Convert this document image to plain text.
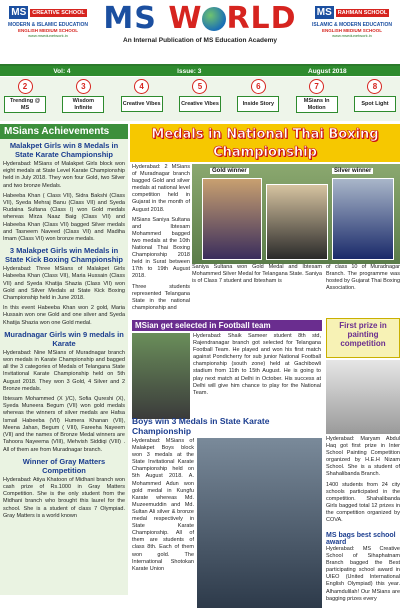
MS	CREATIVE SCHOOL
MODERN & ISLAMIC EDUCATION
ENGLISH MEDIUM SCHOOL
www.msedunetwork.in	MS W RLD
An Internal Publication of MS Education Academy
MS	RAHMAN SCHOOL
ISLAMIC & MODERN EDUCATION
ENGLISH MEDIUM SCHOOL
www.msedunetwork.in
Vol: 4	Issue: 3	August 2018
2
Trending @ MS
3
Wisdom Infinite
4
Creative Vibes
5
Creative Vibes
6
Inside Story
7
MSians In Motion
8
Spot Light
MSians Achievements
Malakpet Girls win 8 Medals in State Karate Championship

Hyderabad: MSians of Malakpet Girls block won eight medals at State Level Karate Championship held in July 2018. They won four Gold, two Silver and two bronze Medals.

Habeeba Khan ( Class VII), Sidra Bakshi (Class VII), Syeda Mehraj Banu (Class VII) and Syeda Rudaina Sultana (Class I) won Gold medals whereas Mirza Naaz Baig (Class VII) and Habeeba Khan (Class VII) bagged Silver medals and Tasneem Naveed (Class VII) and Madiha Imam (Class VII) won bronze medals.

3 Malakpet Girls win Medals in State Kick Boxing Championship

Hyderabad: Three MSians of Malakpet Girls Habeeba Khan (Class VII), Maria Hussain (Class VII) and Syeda Khatija Shazia (Class VII) won Gold and Silver Medals at State Kick Boxing Championship held in June 2018.

In this event Habeeba Khan won 2 gold, Maria Hussain won one Gold and one silver and Syeda Khatija Shazia won one Gold medal.

Muradnagar Girls win 9 medals in Karate

Hyderabad: Nine MSians of Muradnagar branch won medals in Karate Championship and bagged all the 3 categories of Medals of Telangana State Invitational Karate Championship held on 5th August 2018. They won 3 Gold, 4 Silver and 2 Bronze medals.

Ibtesam Mohammed (X )/C), Sofia Qureshi (X), Syeda Muneera Begum (VII) won gold medals whereas the winners of silver medals are Hafsa Ismail Habeeba (VII) Humera Khanan (VII), Meena Jahan, Begum ( VIII), Fareeha Nayeem (VII) and the names of Bronze Medal winners are Tahoora Nayeema (VIII), Mehvish Siddiqi (VIII) . All of them are from Muradnagar branch.

Winner of Gray Matters Competition

Hyderabad: Atiya Khatoon of Midhani branch won cash prize of Rs.1000 in Gray Matters Competition. She is the only student from the Midhani branch who brought this laurel for the school. She is a student of class 7 Olympiad. Gray Matters is a world known

Medals in National Thai Boxing Championship

Hyderabad: 2 MSians of Muradnagar branch bagged Gold and silver medals at national level competition held in Gujarat in the month of August 2018.

MSians Saniya Sultana and Ibtesam Mohammed bagged two medals at the 10th National Thai Boxing Championship 2018 held in Surat between 17th to 19th August 2018.

Three students represented Telangana State in the national championship and

Gold winner	Silver winner

Saniya Sultana won Gold Medal and Ibtesam Mohammed Silver Medal for Telangana State. Saniya is of Class 7 student and Ibtesham is

of class 10 of Muradnagar Branch. The programme was hosted by Gujarat Thai Boxing Association.

MSian get selected in Football team

Hyderabad: Shaik Sameer student 8th std, Rajendranagar branch got selected for Telangana Football Team. He played and won his first match against Pondicherry for sub junior National Football championship (south zone) held at Gachibowli stadium from 11th to 15th August. He is going to play next match at Delhi in October. His success at Delhi will give him chance to play for the National Team.

First prize in painting competition

Hyderabad: Maryam Abdul Haq got first prize in Inter School Painting Competition organized by H.E.H Nizam School. She is a student of Shahalibanda Branch.

1400 students from 24 city schools participated in the competition. Shahalibanda Girls bagged total 12 prizes in the competition organized by COVA.

Boys win 3 Medals in State Karate Championship

Hyderabad: MSians of Malakpet Boys block won 3 medals at the State Invitational Karate Championship held on 5th August 2018. A. Mohammed Adun won gold medal in Kungfu Karate whereas Md. Muzeemuddin and Md. Sultan Ali silver & bronze medal respectively in State Karate Championship. All of them are students of class 8th. Each of them won gold. The International Shotokan Karate Union

MS bags best school award

Hyderabad: MS Creative School of Sihaphatnam Branch bagged the Best participating school award in UIEO (United International English Olympiad) this year. Alhamdulilah! Our MSians are bagging prizes every
